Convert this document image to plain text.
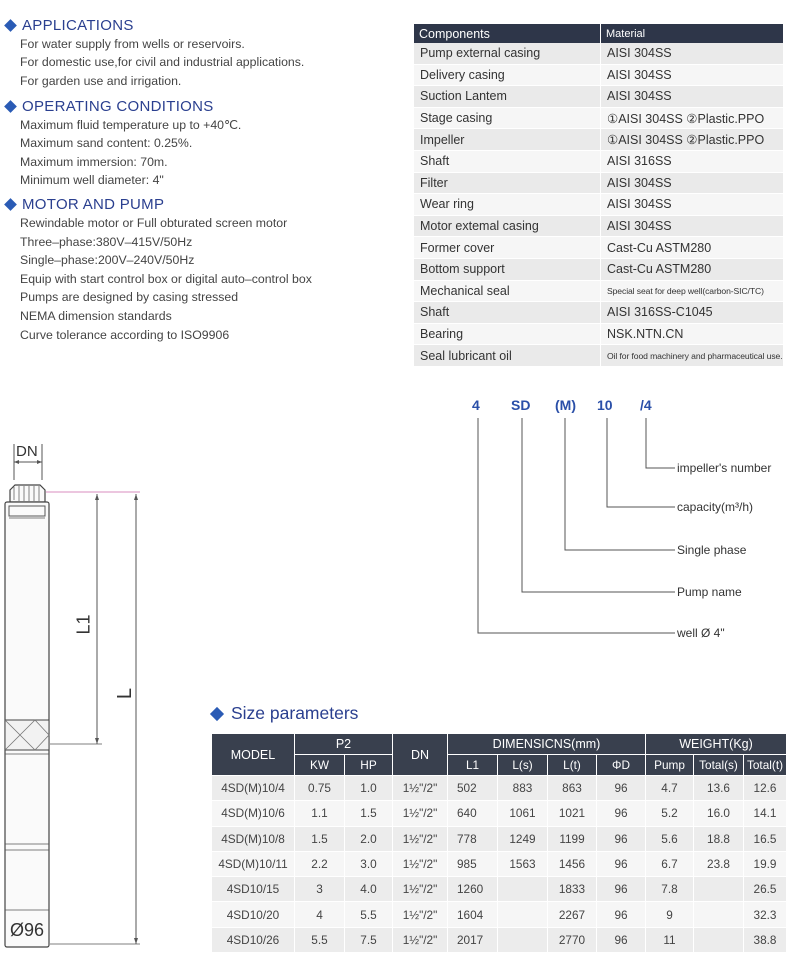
APPLICATIONS
For water supply from wells or reservoirs.
For domestic use,for civil and industrial applications.
For garden use and irrigation.
OPERATING CONDITIONS
Maximum fluid temperature up to +40℃.
Maximum sand content: 0.25%.
Maximum immersion: 70m.
Minimum well diameter: 4"
MOTOR AND PUMP
Rewindable motor or Full obturated screen motor
Three–phase:380V–415V/50Hz
Single–phase:200V–240V/50Hz
Equip with start control box or digital auto–control box
Pumps are designed by casing stressed
NEMA dimension standards
Curve tolerance according to ISO9906
Components	Material
Pump external casing	AISI 304SS
Delivery casing	AISI 304SS
Suction Lantem	AISI 304SS
Stage casing	①AISI 304SS ②Plastic.PPO
Impeller	①AISI 304SS ②Plastic.PPO
Shaft	AISI 316SS
Filter	AISI 304SS
Wear ring	AISI 304SS
Motor extemal casing	AISI 304SS
Former cover	Cast-Cu ASTM280
Bottom support	Cast-Cu ASTM280
Mechanical seal	Special seat for deep well(carbon-SIC/TC)
Shaft	AISI 316SS-C1045
Bearing	NSK.NTN.CN
Seal lubricant oil	Oil for food machinery and pharmaceutical use.
DN
L1
L
Ø96
4 SD (M) 10 /4
impeller's number
capacity(m³/h)
Single phase
Pump name
well Ø 4"
Size parameters
MODEL	P2		DN	DIMENSICNS(mm)				WEIGHT(Kg)		
	KW	HP		L1	L(s)	L(t)	ΦD	Pump	Total(s)	Total(t)
4SD(M)10/4	0.75	1.0	1½"/2"	502	883	863	96	4.7	13.6	12.6
4SD(M)10/6	1.1	1.5	1½"/2"	640	1061	1021	96	5.2	16.0	14.1
4SD(M)10/8	1.5	2.0	1½"/2"	778	1249	1199	96	5.6	18.8	16.5
4SD(M)10/11	2.2	3.0	1½"/2"	985	1563	1456	96	6.7	23.8	19.9
4SD10/15	3	4.0	1½"/2"	1260		1833	96	7.8		26.5
4SD10/20	4	5.5	1½"/2"	1604		2267	96	9		32.3
4SD10/26	5.5	7.5	1½"/2"	2017		2770	96	11		38.8
